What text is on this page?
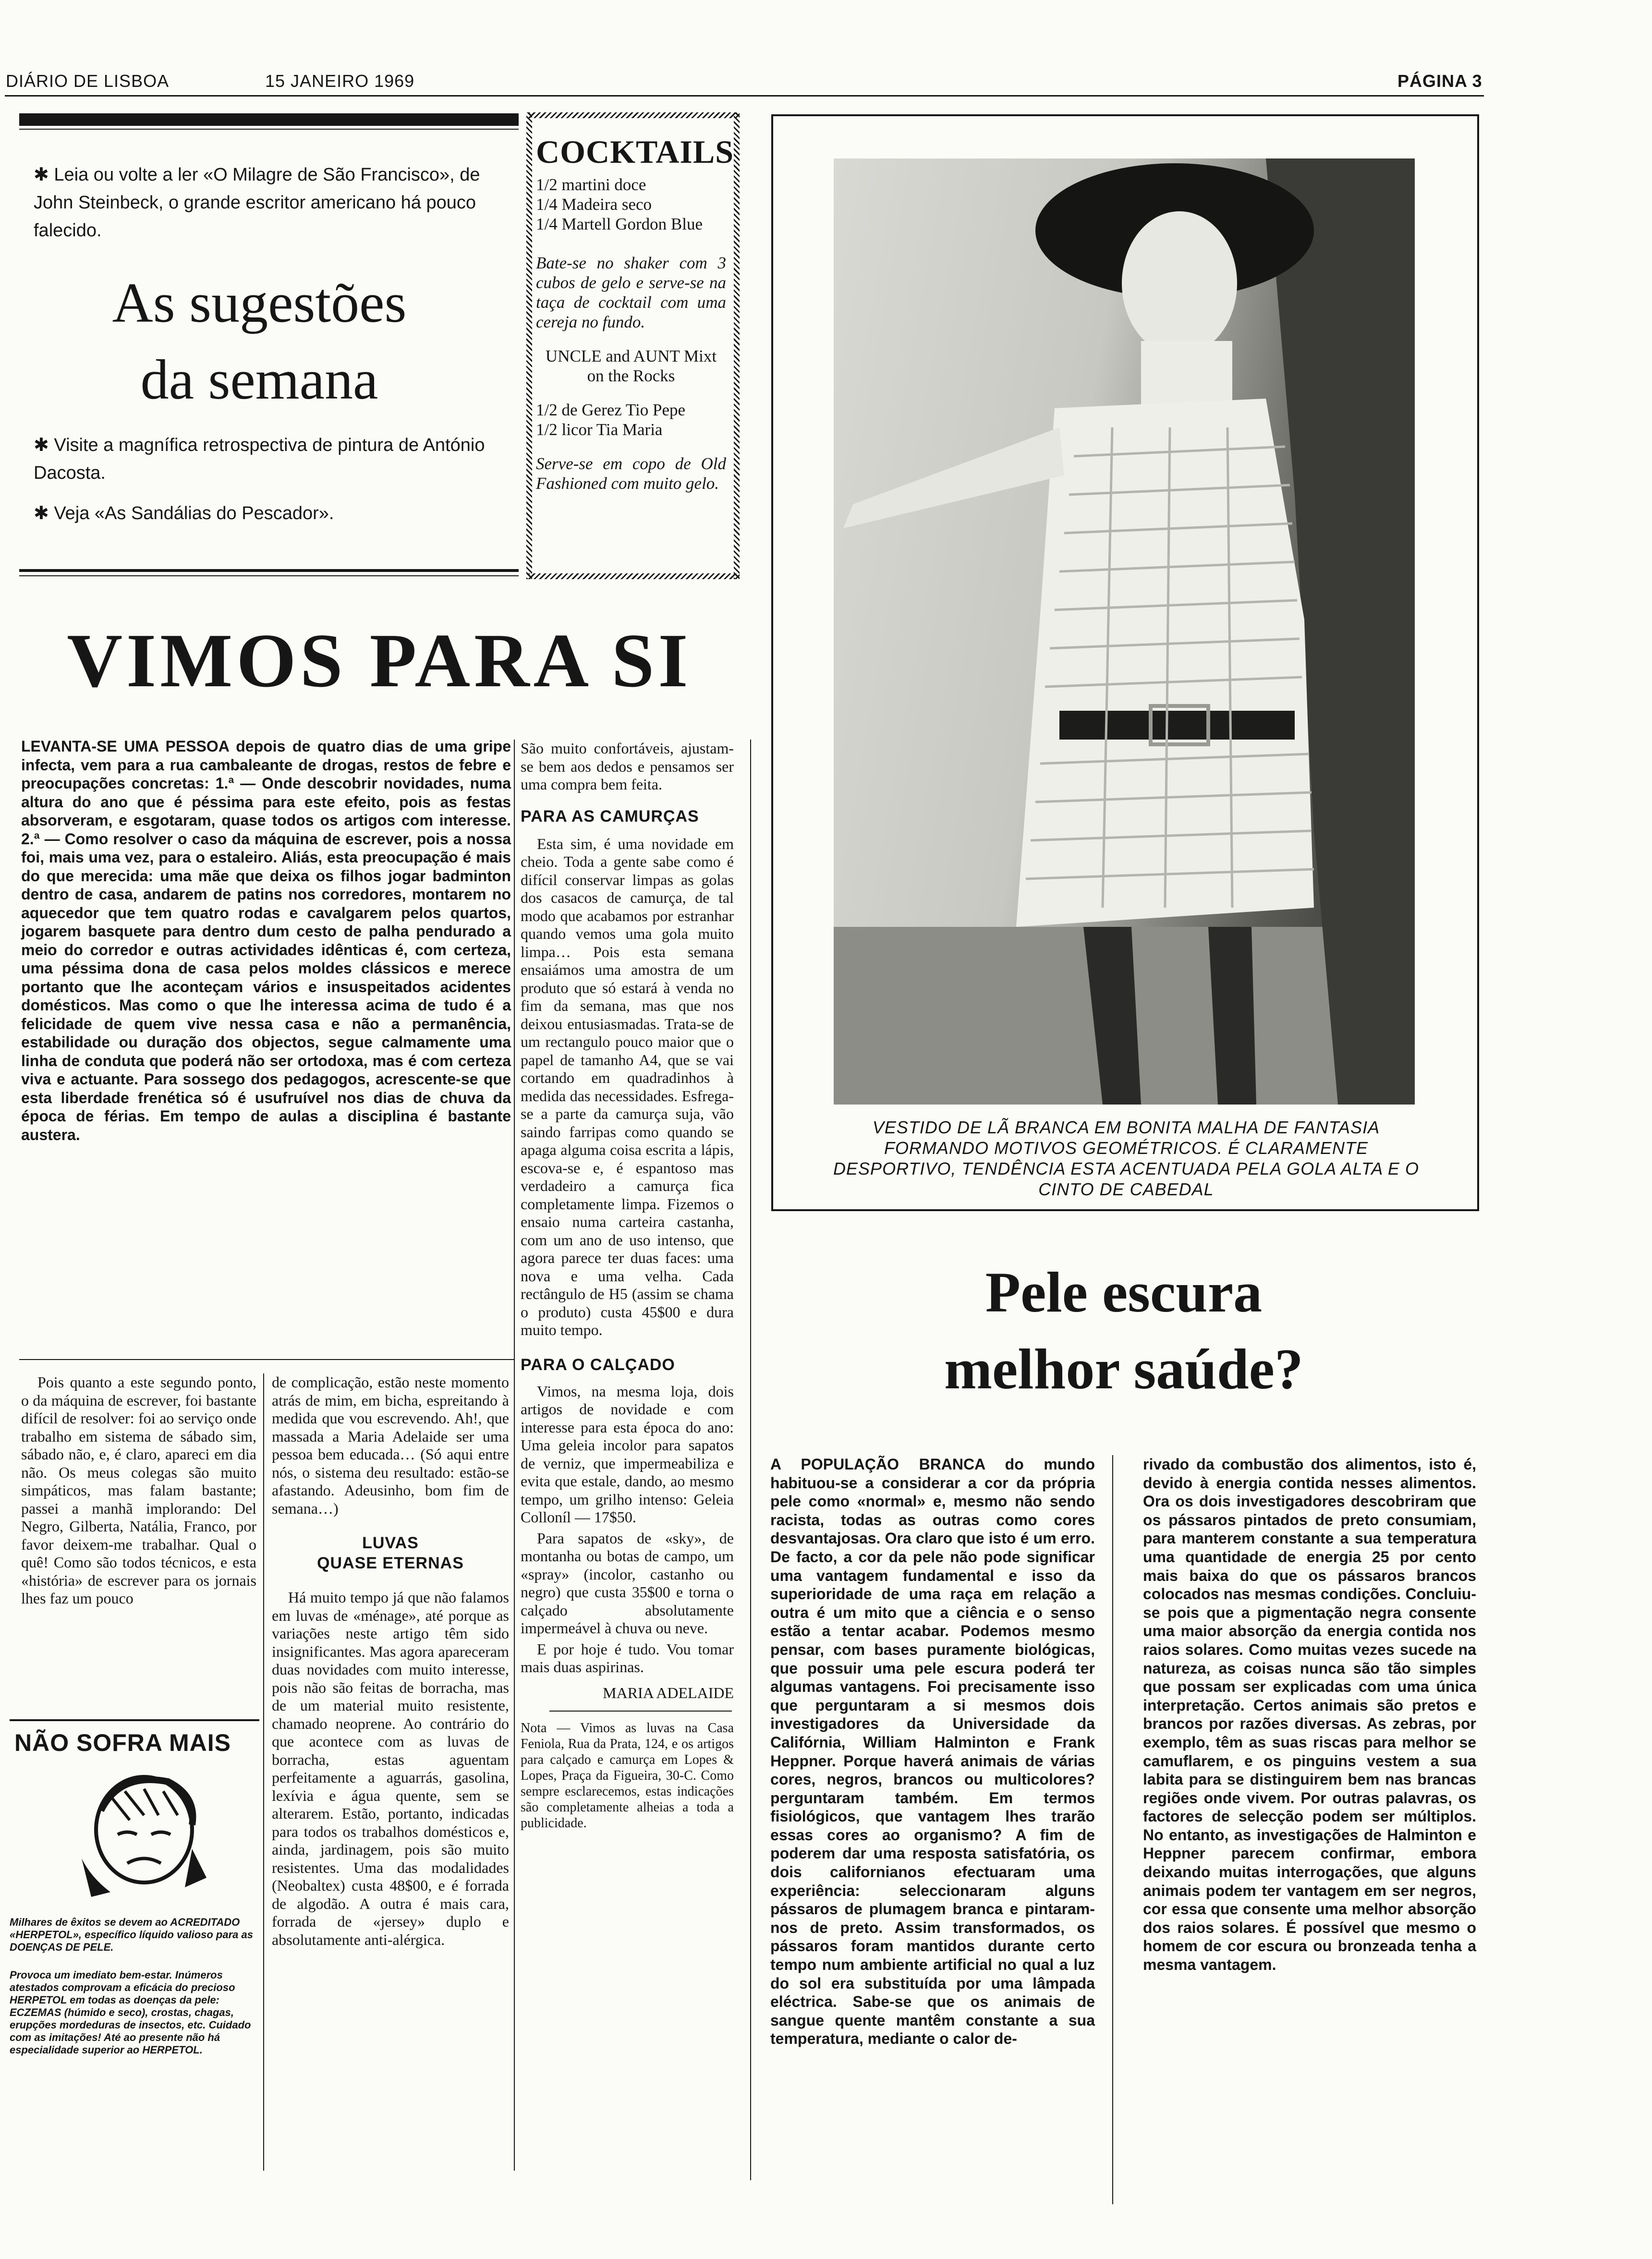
DIÁRIO DE LISBOA	15 JANEIRO 1969	PÁGINA 3

✱ Leia ou volte a ler «O Milagre de São Francisco», de John Steinbeck, o grande escritor americano há pouco falecido.

As sugestões

da semana

✱ Visite a magnífica retrospectiva de pintura de António Dacosta.

✱ Veja «As Sandálias do Pescador».

COCKTAILS

1/2 martini doce

1/4 Madeira seco

1/4 Martell Gordon Blue

Bate-se no shaker com 3 cubos de gelo e serve-se na taça de cocktail com uma cereja no fundo.

UNCLE and AUNT Mixt on the Rocks

1/2 de Gerez Tio Pepe

1/2 licor Tia Maria

Serve-se em copo de Old Fashioned com muito gelo.

VIMOS PARA SI

LEVANTA-SE UMA PESSOA depois de quatro dias de uma gripe infecta, vem para a rua cambaleante de drogas, restos de febre e preocupações concretas: 1.ª — Onde descobrir novidades, numa altura do ano que é péssima para este efeito, pois as festas absorveram, e esgotaram, quase todos os artigos com interesse. 2.ª — Como resolver o caso da máquina de escrever, pois a nossa foi, mais uma vez, para o estaleiro. Aliás, esta preocupação é mais do que merecida: uma mãe que deixa os filhos jogar badminton dentro de casa, andarem de patins nos corredores, montarem no aquecedor que tem quatro rodas e cavalgarem pelos quartos, jogarem basquete para dentro dum cesto de palha pendurado a meio do corredor e outras actividades idênticas é, com certeza, uma péssima dona de casa pelos moldes clássicos e merece portanto que lhe aconteçam vários e insuspeitados acidentes domésticos. Mas como o que lhe interessa acima de tudo é a felicidade de quem vive nessa casa e não a permanência, estabilidade ou duração dos objectos, segue calmamente uma linha de conduta que poderá não ser ortodoxa, mas é com certeza viva e actuante. Para sossego dos pedagogos, acrescente-se que esta liberdade frenética só é usufruível nos dias de chuva da época de férias. Em tempo de aulas a disciplina é bastante austera.

Pois quanto a este segundo ponto, o da máquina de escrever, foi bastante difícil de resolver: foi ao serviço onde trabalho em sistema de sábado sim, sábado não, e, é claro, apareci em dia não. Os meus colegas são muito simpáticos, mas falam bastante; passei a manhã implorando: Del Negro, Gilberta, Natália, Franco, por favor deixem-me trabalhar. Qual o quê! Como são todos técnicos, e esta «história» de escrever para os jornais lhes faz um pouco

NÃO SOFRA MAIS

Milhares de êxitos se devem ao ACREDITADO «HERPETOL», específico líquido valioso para as DOENÇAS DE PELE.

Provoca um imediato bem-estar. Inúmeros atestados comprovam a eficácia do precioso HERPETOL em todas as doenças da pele: ECZEMAS (húmido e seco), crostas, chagas, erupções mordeduras de insectos, etc. Cuidado com as imitações! Até ao presente não há especialidade superior ao HERPETOL.

de complicação, estão neste momento atrás de mim, em bicha, espreitando à medida que vou escrevendo. Ah!, que massada a Maria Adelaide ser uma pessoa bem educada… (Só aqui entre nós, o sistema deu resultado: estão-se afastando. Adeusinho, bom fim de semana…)

LUVAS
QUASE ETERNAS

Há muito tempo já que não falamos em luvas de «ménage», até porque as variações neste artigo têm sido insignificantes. Mas agora apareceram duas novidades com muito interesse, pois não são feitas de borracha, mas de um material muito resistente, chamado neoprene. Ao contrário do que acontece com as luvas de borracha, estas aguentam perfeitamente a aguarrás, gasolina, lexívia e água quente, sem se alterarem. Estão, portanto, indicadas para todos os trabalhos domésticos e, ainda, jardinagem, pois são muito resistentes. Uma das modalidades (Neobaltex) custa 48$00, e é forrada de algodão. A outra é mais cara, forrada de «jersey» duplo e absolutamente anti-alérgica.

São muito confortáveis, ajustam-se bem aos dedos e pensamos ser uma compra bem feita.

PARA AS CAMURÇAS

Esta sim, é uma novidade em cheio. Toda a gente sabe como é difícil conservar limpas as golas dos casacos de camurça, de tal modo que acabamos por estranhar quando vemos uma gola muito limpa… Pois esta semana ensaiámos uma amostra de um produto que só estará à venda no fim da semana, mas que nos deixou entusiasmadas. Trata-se de um rectangulo pouco maior que o papel de tamanho A4, que se vai cortando em quadradinhos à medida das necessidades. Esfrega-se a parte da camurça suja, vão saindo farripas como quando se apaga alguma coisa escrita a lápis, escova-se e, é espantoso mas verdadeiro a camurça fica completamente limpa. Fizemos o ensaio numa carteira castanha, com um ano de uso intenso, que agora parece ter duas faces: uma nova e uma velha. Cada rectângulo de H5 (assim se chama o produto) custa 45$00 e dura muito tempo.

PARA O CALÇADO

Vimos, na mesma loja, dois artigos de novidade e com interesse para esta época do ano: Uma geleia incolor para sapatos de verniz, que impermeabiliza e evita que estale, dando, ao mesmo tempo, um grilho intenso: Geleia Colloníl — 17$50.

Para sapatos de «sky», de montanha ou botas de campo, um «spray» (incolor, castanho ou negro) que custa 35$00 e torna o calçado absolutamente impermeável à chuva ou neve.

E por hoje é tudo. Vou tomar mais duas aspirinas.

MARIA ADELAIDE

Nota — Vimos as luvas na Casa Feniola, Rua da Prata, 124, e os artigos para calçado e camurça em Lopes & Lopes, Praça da Figueira, 30-C. Como sempre esclarecemos, estas indicações são completamente alheias a toda a publicidade.

VESTIDO DE LÃ BRANCA EM BONITA MALHA DE FANTASIA FORMANDO MOTIVOS GEOMÉTRICOS. É CLARAMENTE DESPORTIVO, TENDÊNCIA ESTA ACENTUADA PELA GOLA ALTA E O CINTO DE CABEDAL

Pele escura

melhor saúde?

A POPULAÇÃO BRANCA do mundo habituou-se a considerar a cor da própria pele como «normal» e, mesmo não sendo racista, todas as outras como cores desvantajosas. Ora claro que isto é um erro. De facto, a cor da pele não pode significar uma vantagem fundamental e isso da superioridade de uma raça em relação a outra é um mito que a ciência e o senso estão a tentar acabar. Podemos mesmo pensar, com bases puramente biológicas, que possuir uma pele escura poderá ter algumas vantagens. Foi precisamente isso que perguntaram a si mesmos dois investigadores da Universidade da Califórnia, William Halminton e Frank Heppner. Porque haverá animais de várias cores, negros, brancos ou multicolores? perguntaram também. Em termos fisiológicos, que vantagem lhes trarão essas cores ao organismo? A fim de poderem dar uma resposta satisfatória, os dois californianos efectuaram uma experiência: seleccionaram alguns pássaros de plumagem branca e pintaram-nos de preto. Assim transformados, os pássaros foram mantidos durante certo tempo num ambiente artificial no qual a luz do sol era substituída por uma lâmpada eléctrica. Sabe-se que os animais de sangue quente mantêm constante a sua temperatura, mediante o calor de-

rivado da combustão dos alimentos, isto é, devido à energia contida nesses alimentos. Ora os dois investigadores descobriram que os pássaros pintados de preto consumiam, para manterem constante a sua temperatura uma quantidade de energia 25 por cento mais baixa do que os pássaros brancos colocados nas mesmas condições. Concluiu-se pois que a pigmentação negra consente uma maior absorção da energia contida nos raios solares. Como muitas vezes sucede na natureza, as coisas nunca são tão simples que possam ser explicadas com uma única interpretação. Certos animais são pretos e brancos por razões diversas. As zebras, por exemplo, têm as suas riscas para melhor se camuflarem, e os pinguins vestem a sua labita para se distinguirem bem nas brancas regiões onde vivem. Por outras palavras, os factores de selecção podem ser múltiplos. No entanto, as investigações de Halminton e Heppner parecem confirmar, embora deixando muitas interrogações, que alguns animais podem ter vantagem em ser negros, cor essa que consente uma melhor absorção dos raios solares. É possível que mesmo o homem de cor escura ou bronzeada tenha a mesma vantagem.
